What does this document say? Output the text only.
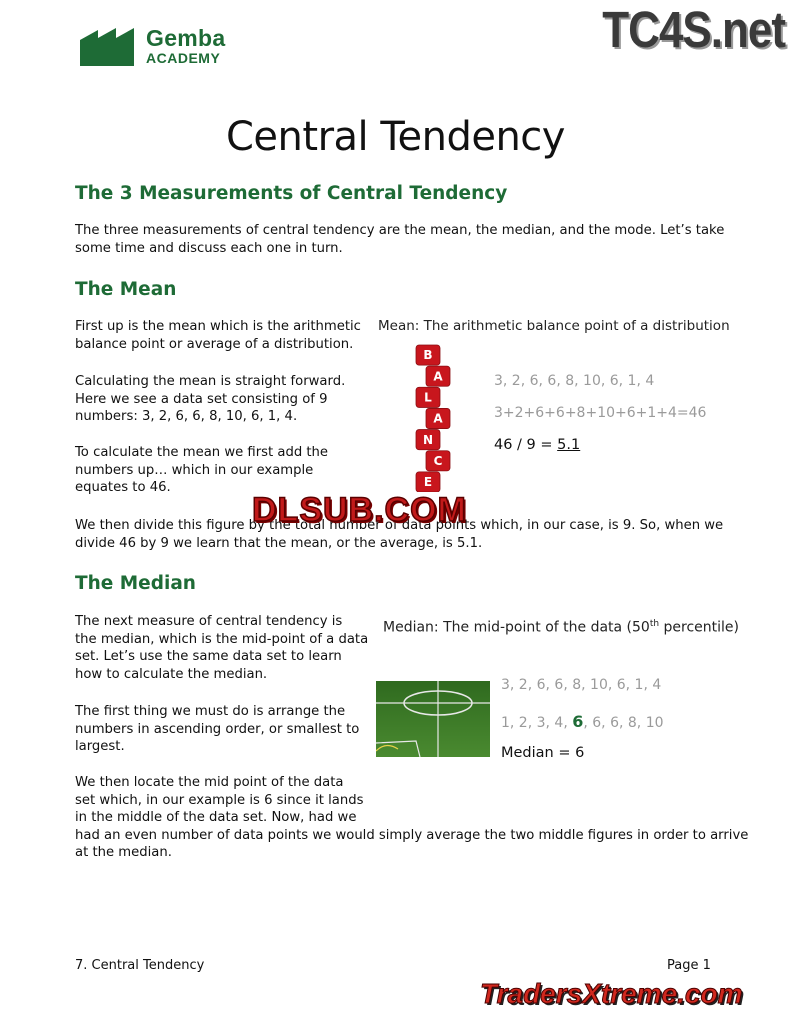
Gemba
ACADEMY	TC4S.net
Central Tendency
The 3 Measurements of Central Tendency
The three measurements of central tendency are the mean, the median, and the mode. Let’s take
some time and discuss each one in turn.
The Mean
First up is the mean which is the arithmetic
balance point or average of a distribution.
Calculating the mean is straight forward.
Here we see a data set consisting of 9
numbers: 3, 2, 6, 6, 8, 10, 6, 1, 4.
To calculate the mean we first add the
numbers up… which in our example
equates to 46.
Mean: The arithmetic balance point of a distribution
B
A
L
A
N
C
E
3, 2, 6, 6, 8, 10, 6, 1, 4
3+2+6+6+8+10+6+1+4=46
46 / 9 = 5.1
We then divide this figure by the total number of data points which, in our case, is 9. So, when we
divide 46 by 9 we learn that the mean, or the average, is 5.1.
DLSUB.COM
The Median
The next measure of central tendency is
the median, which is the mid-point of a data
set. Let’s use the same data set to learn
how to calculate the median.
The first thing we must do is arrange the
numbers in ascending order, or smallest to
largest.
We then locate the mid point of the data
set which, in our example is 6 since it lands
in the middle of the data set. Now, had we
had an even number of data points we would simply average the two middle figures in order to arrive
at the median.
Median: The mid-point of the data (50th percentile)
3, 2, 6, 6, 8, 10, 6, 1, 4
1, 2, 3, 4, 6, 6, 6, 8, 10
Median = 6
7. Central Tendency	Page 1
TradersXtreme.com
